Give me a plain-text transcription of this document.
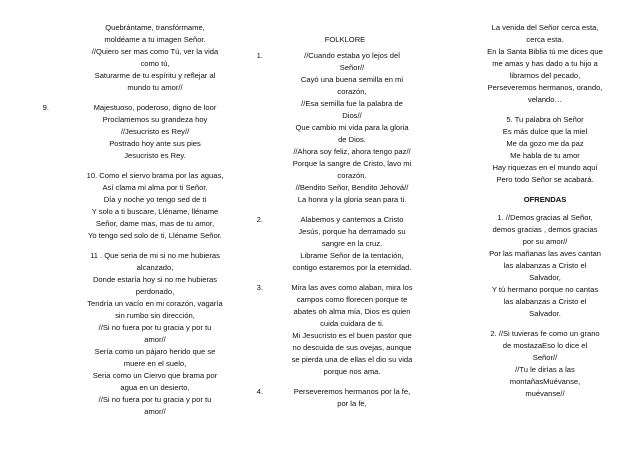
Quebrántame, transfórmame,
moldéame a tu imagen Señor.
//Quiero ser mas como Tú, ver la vida
como tú,
Saturarme de tu espíritu y reflejar al
mundo tu amor//
9.	Majestuoso, poderoso, digno de loor
Proclamemos su grandeza hoy
//Jesucristo es Rey//
Postrado hoy ante sus pies
Jesucristo es Rey.
10. Como el siervo brama por las aguas,
Así clama mi alma por ti Señor.
Día y noche yo tengo sed de ti
Y solo a ti buscare, Lléname, lléname
Señor, dame mas, mas de tu amor,
Yo tengo sed solo de ti, Lléname Señor.
11 . Que seria de mi si no me hubieras
alcanzado,
Donde estaría hoy si no me hubieras
perdonado,
Tendría un vacío en mi corazón, vagaría
sin rumbo sin dirección,
//Si no fuera por tu gracia y por tu
amor//
Sería como un pájaro herido que se
muere en el suelo,
Seria como un Ciervo que brama por
agua en un desierto,
//Si no fuera por tu gracia y por tu
amor//
FOLKLORE
1.	//Cuando estaba yo lejos del
Señor//
Cayó una buena semilla en mi
corazón,
//Esa semilla fue la palabra de
Dios//
Que cambio mi vida para la gloria
de Dios.
//Ahora soy feliz, ahora tengo paz//
Porque la sangre de Cristo, lavo mi
corazón.
//Bendito Señor, Bendito Jehová//
La honra y la gloria sean para ti.
2.	Alabemos y cantemos a Cristo
Jesús, porque ha derramado su
sangre en la cruz.
Librame Señor de la tentación,
contigo estaremos por la eternidad.
3.	Mira las aves como alaban, mira los
campos como florecen porque te
abates oh alma mía, Dios es quien
cuida cuidara de ti.
Mi Jesucristo es el buen pastor que
no descuida de sus ovejas, aunque
se pierda una de ellas el dio su vida
porque nos ama.
4.	Perseveremos hermanos por la fe,
por la fe,
La venida del Señor cerca esta,
cerca esta.
En la Santa Biblia tú me dices que
me amas y has dado a tu hijo a
librarnos del pecado,
Perseveremos hermanos, orando,
velando…
5. Tu palabra oh Señor
Es más dulce que la miel
Me da gozo me da paz
Me habla de tu amor
Hay riquezas en el mundo aquí
Pero todo Señor se acabará.
OFRENDAS
1. //Demos gracias al Señor,
demos gracias , demos gracias
por su amor//
Por las mañanas las aves cantan
las alabanzas a Cristo el
Salvador,
Y tú hermano porque no cantas
las alabanzas a Cristo el
Salvador.
2. //Si tuvieras fe como un grano
de mostazaEso lo dice el
Señor//
//Tu le dirías a las
montañasMuévanse,
muévanse//
